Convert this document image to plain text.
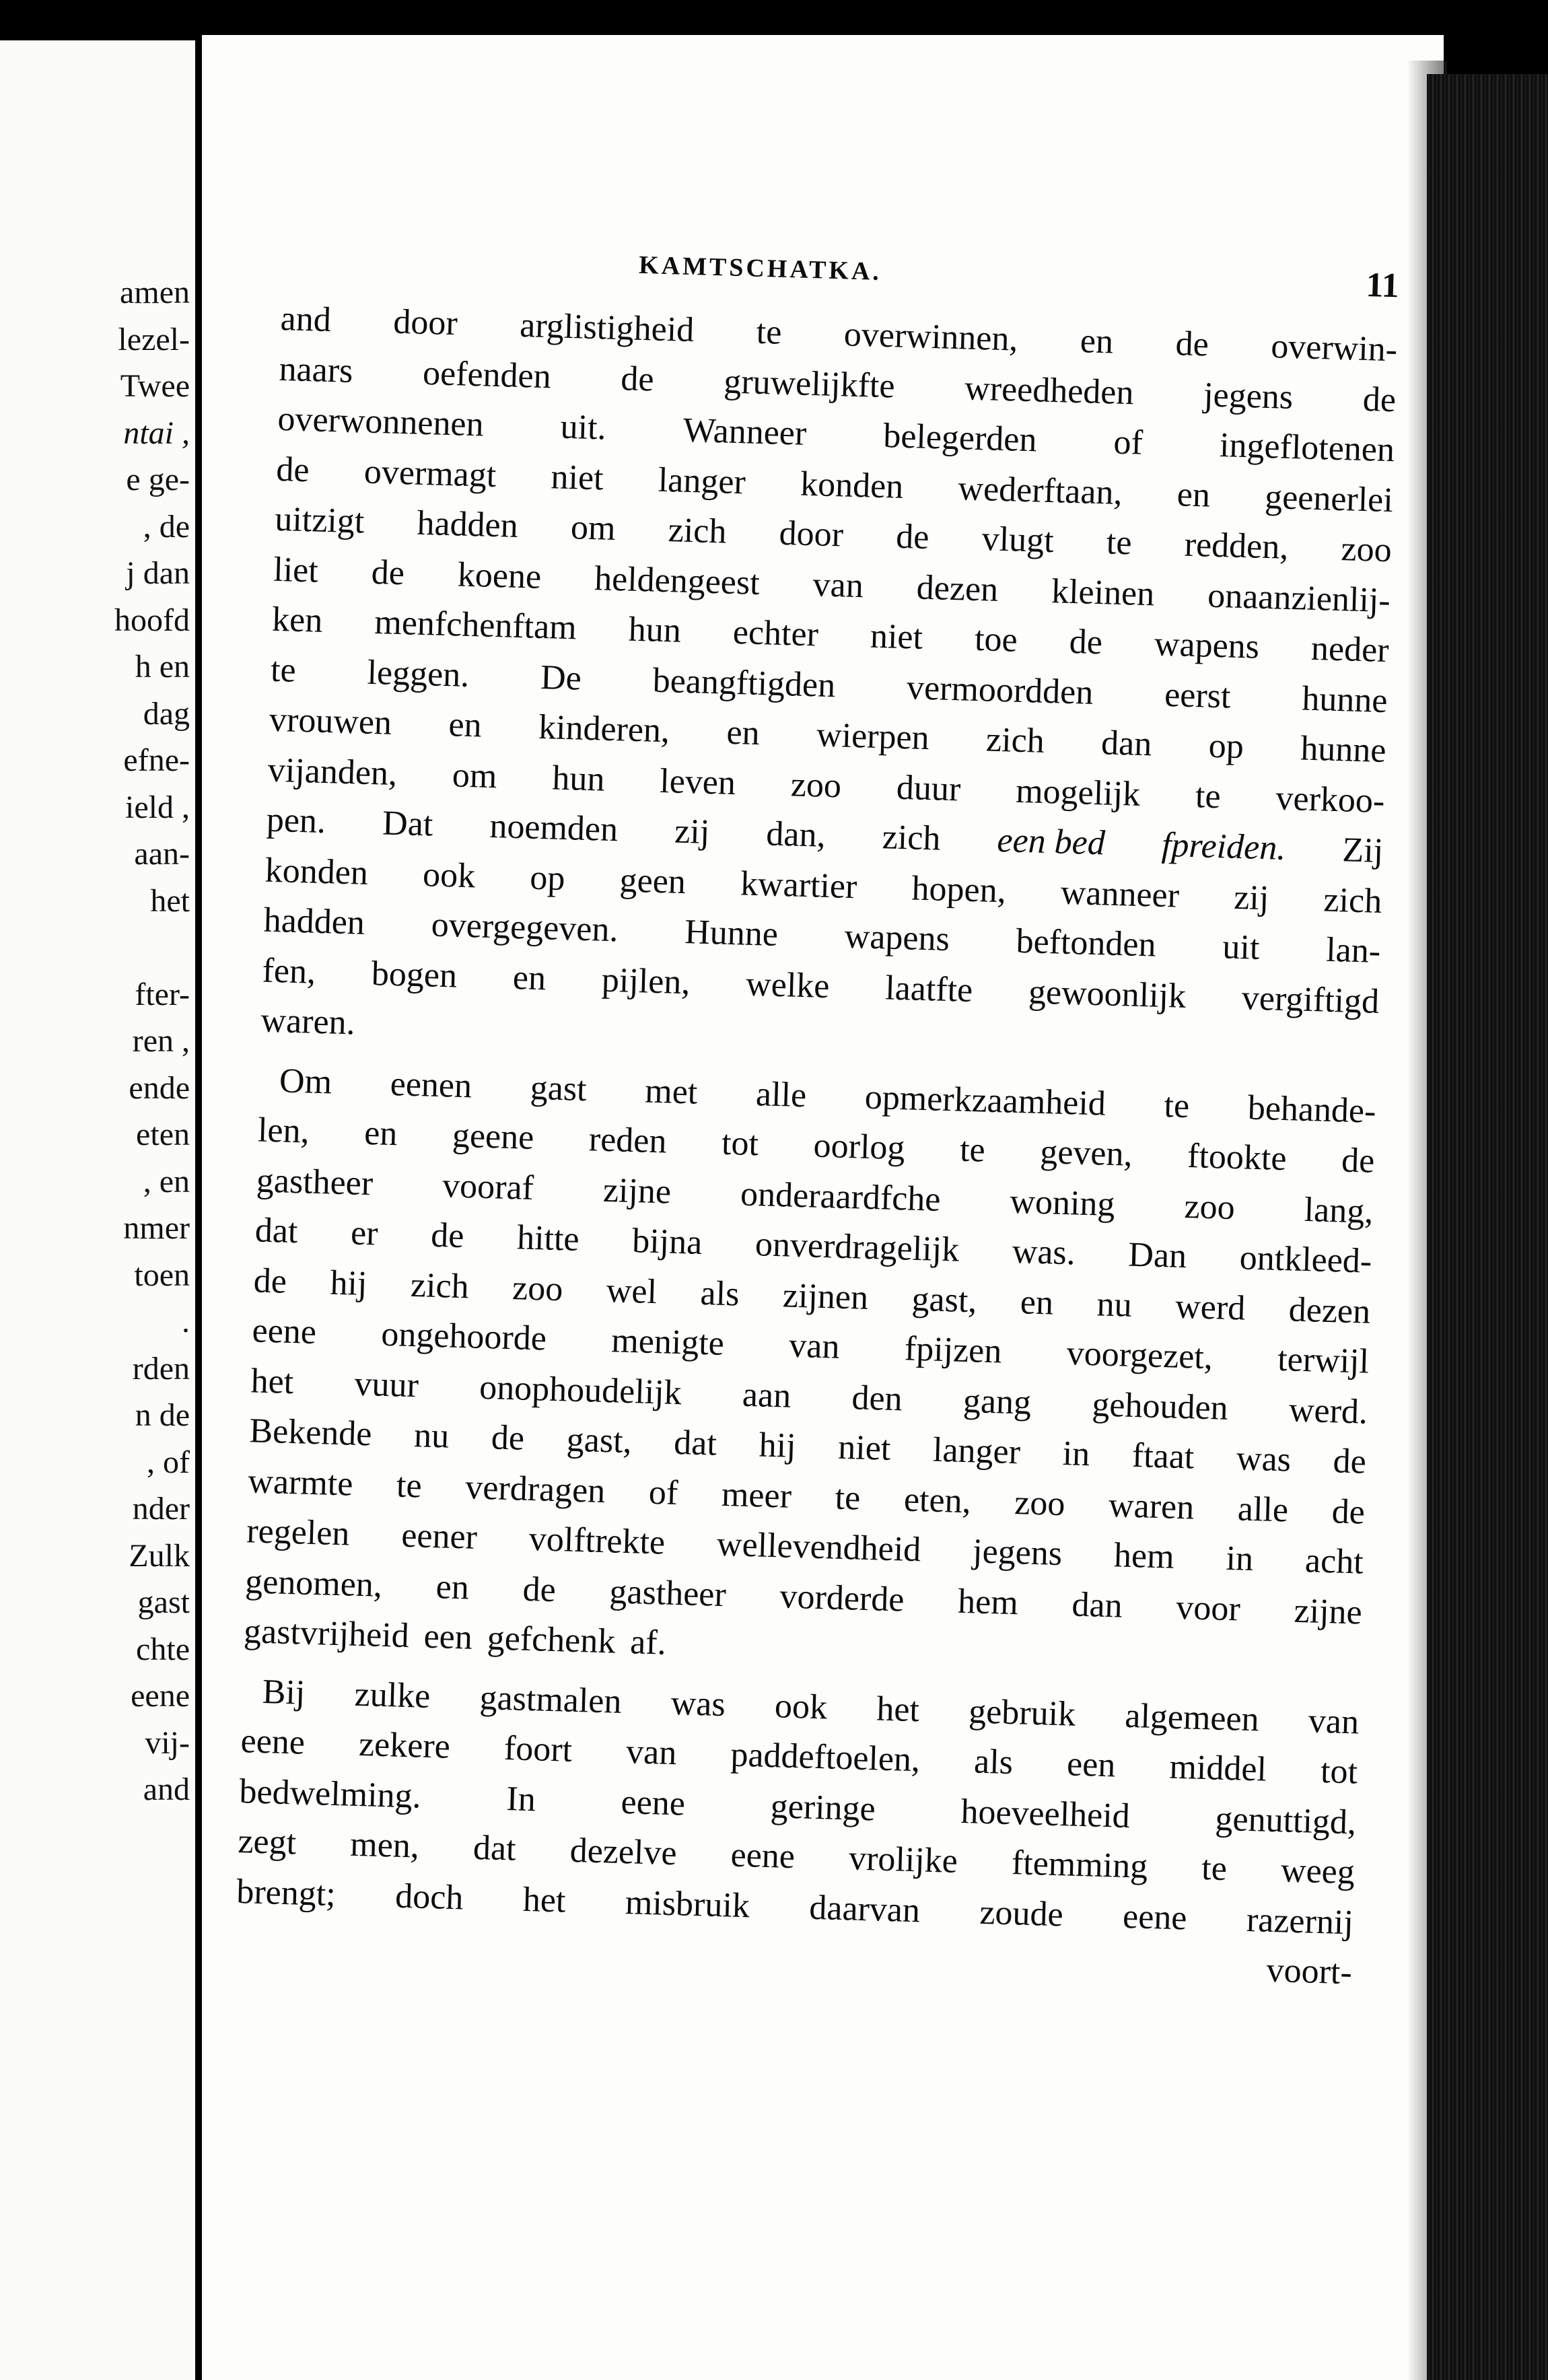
amen
lezel-
Twee
ntai ,
e ge-
, de
j dan
hoofd
h en
dag
efne-
ield ,
aan-
het
fter-
ren ,
ende
eten
, en
nmer
toen
.
rden
n de
, of
nder
Zulk
gast
chte
eene
vij-
and
KAMTSCHATKA.	11
and door arglistigheid te overwinnen, en de overwin-
naars oefenden de gruwelijkfte wreedheden jegens de
overwonnenen uit. Wanneer belegerden of ingeflotenen
de overmagt niet langer konden wederftaan, en geenerlei
uitzigt hadden om zich door de vlugt te redden, zoo
liet de koene heldengeest van dezen kleinen onaanzienlij-
ken menfchenftam hun echter niet toe de wapens neder
te leggen. De beangftigden vermoordden eerst hunne
vrouwen en kinderen, en wierpen zich dan op hunne
vijanden, om hun leven zoo duur mogelijk te verkoo-
pen. Dat noemden zij dan, zich een bed fpreiden. Zij
konden ook op geen kwartier hopen, wanneer zij zich
hadden overgegeven. Hunne wapens beftonden uit lan-
fen, bogen en pijlen, welke laatfte gewoonlijk vergiftigd
waren.
Om eenen gast met alle opmerkzaamheid te behande-
len, en geene reden tot oorlog te geven, ftookte de
gastheer vooraf zijne onderaardfche woning zoo lang,
dat er de hitte bijna onverdragelijk was. Dan ontkleed-
de hij zich zoo wel als zijnen gast, en nu werd dezen
eene ongehoorde menigte van fpijzen voorgezet, terwijl
het vuur onophoudelijk aan den gang gehouden werd.
Bekende nu de gast, dat hij niet langer in ftaat was de
warmte te verdragen of meer te eten, zoo waren alle de
regelen eener volftrekte wellevendheid jegens hem in acht
genomen, en de gastheer vorderde hem dan voor zijne
gastvrijheid een gefchenk af.
Bij zulke gastmalen was ook het gebruik algemeen van
eene zekere foort van paddeftoelen, als een middel tot
bedwelming. In eene geringe hoeveelheid genuttigd,
zegt men, dat dezelve eene vrolijke ftemming te weeg
brengt; doch het misbruik daarvan zoude eene razernij
voort-
